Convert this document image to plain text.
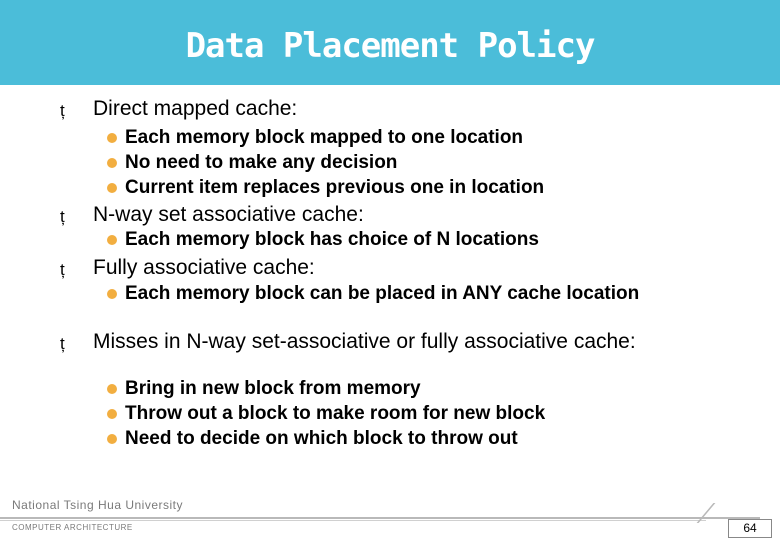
Data Placement Policy
ț Direct mapped cache:
Each memory block mapped to one location
No need to make any decision
Current item replaces previous one in location
ț N-way set associative cache:
Each memory block has choice of N locations
ț Fully associative cache:
Each memory block can be placed in ANY cache location
ț Misses in N-way set-associative or fully associative cache:
Bring in new block from memory
Throw out a block to make room for new block
Need to decide on which block to throw out
National Tsing Hua University
COMPUTER ARCHITECTURE	64
